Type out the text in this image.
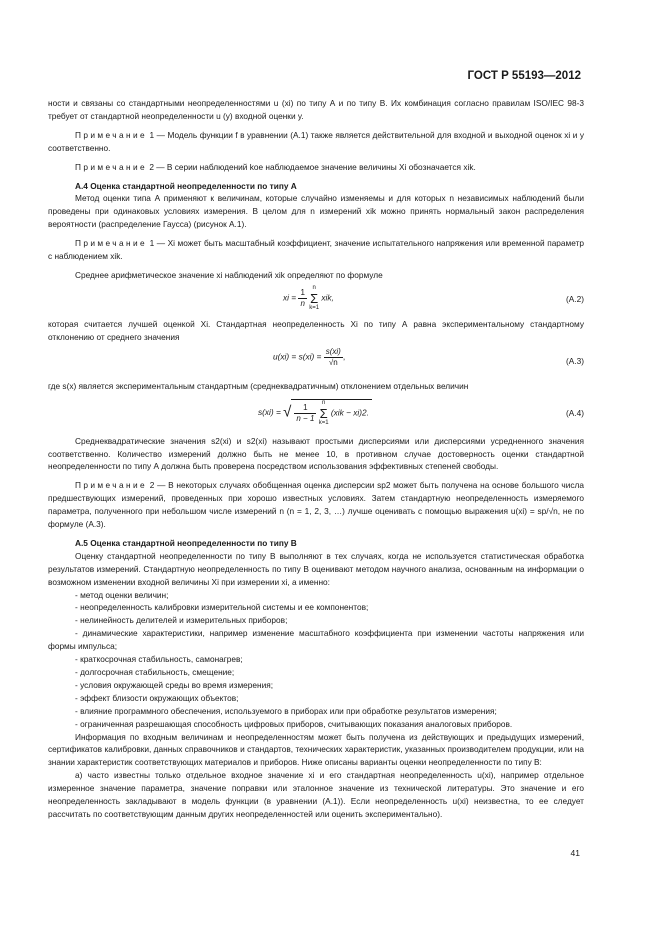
ГОСТ Р 55193—2012

ности и связаны со стандартными неопределенностями u (xi) по типу А и по типу В. Их комбинация согласно правилам ISO/IEC 98-3 требует от стандартной неопределенности u (y) входной оценки y.

Примечание 1 — Модель функции f в уравнении (А.1) также является действительной для входной и выходной оценок xi и y соответственно.

Примечание 2 — В серии наблюдений kое наблюдаемое значение величины Xi обозначается xik.

А.4 Оценка стандартной неопределенности по типу А

Метод оценки типа А применяют к величинам, которые случайно изменяемы и для которых n независимых наблюдений были проведены при одинаковых условиях измерения. В целом для n измерений xik можно принять нормальный закон распределения вероятности (распределение Гаусса) (рисунок А.1).

Примечание 1 — Xi может быть масштабный коэффициент, значение испытательного напряжения или временной параметр с наблюдением xik.

Среднее арифметическое значение xi наблюдений xik определяют по формуле

xi = $\frac{1}{n}$ n
Σ
k=1 xik,	(А.2)

которая считается лучшей оценкой Xi. Стандартная неопределенность Xi по типу А равна экспериментальному стандартному отклонению от среднего значения

$u(xi) = s(xi) = \frac{s(xi)}{√n}$ ,	(А.3)

где s(x) является экспериментальным стандартным (среднеквадратичным) отклонением отдельных величин

s(xi) = √ $\frac{1}{n - 1}$ n
Σ
k=1 (xik − xi)2.	(А.4)

Среднеквадратические значения s2(xi) и s2(xi) называют простыми дисперсиями или дисперсиями усредненного значения соответственно. Количество измерений должно быть не менее 10, в противном случае достоверность оценки стандартной неопределенности по типу А должна быть проверена посредством использования эффективных степеней свободы.

Примечание 2 — В некоторых случаях обобщенная оценка дисперсии sp2 может быть получена на основе большого числа предшествующих измерений, проведенных при хорошо известных условиях. Затем стандартную неопределенность измеряемого параметра, полученного при небольшом числе измерений n (n = 1, 2, 3, …) лучше оценивать с помощью выражения u(xi) = sp/√n, не по формуле (А.3).

А.5 Оценка стандартной неопределенности по типу В

Оценку стандартной неопределенности по типу В выполняют в тех случаях, когда не используется статистическая обработка результатов измерений. Стандартную неопределенность по типу В оценивают методом научного анализа, основанным на информации о возможном изменении входной величины Xi при измерении xi, а именно:

- метод оценки величин;

- неопределенность калибровки измерительной системы и ее компонентов;

- нелинейность делителей и измерительных приборов;

- динамические характеристики, например изменение масштабного коэффициента при изменении частоты напряжения или формы импульса;

- краткосрочная стабильность, самонагрев;

- долгосрочная стабильность, смещение;

- условия окружающей среды во время измерения;

- эффект близости окружающих объектов;

- влияние программного обеспечения, используемого в приборах или при обработке результатов измерения;

- ограниченная разрешающая способность цифровых приборов, считывающих показания аналоговых приборов.

Информация по входным величинам и неопределенностям может быть получена из действующих и предыдущих измерений, сертификатов калибровки, данных справочников и стандартов, технических характеристик, указанных производителем продукции, или на знании характеристик соответствующих материалов и приборов. Ниже описаны варианты оценки неопределенности по типу В:

а) часто известны только отдельное входное значение xi и его стандартная неопределенность u(xi), например отдельное измеренное значение параметра, значение поправки или эталонное значение из технической литературы. Это значение и его неопределенность закладывают в модель функции (в уравнении (А.1)). Если неопределенность u(xi) неизвестна, то ее следует рассчитать по соответствующим данным других неопределенностей или оценить экспериментально).

41
